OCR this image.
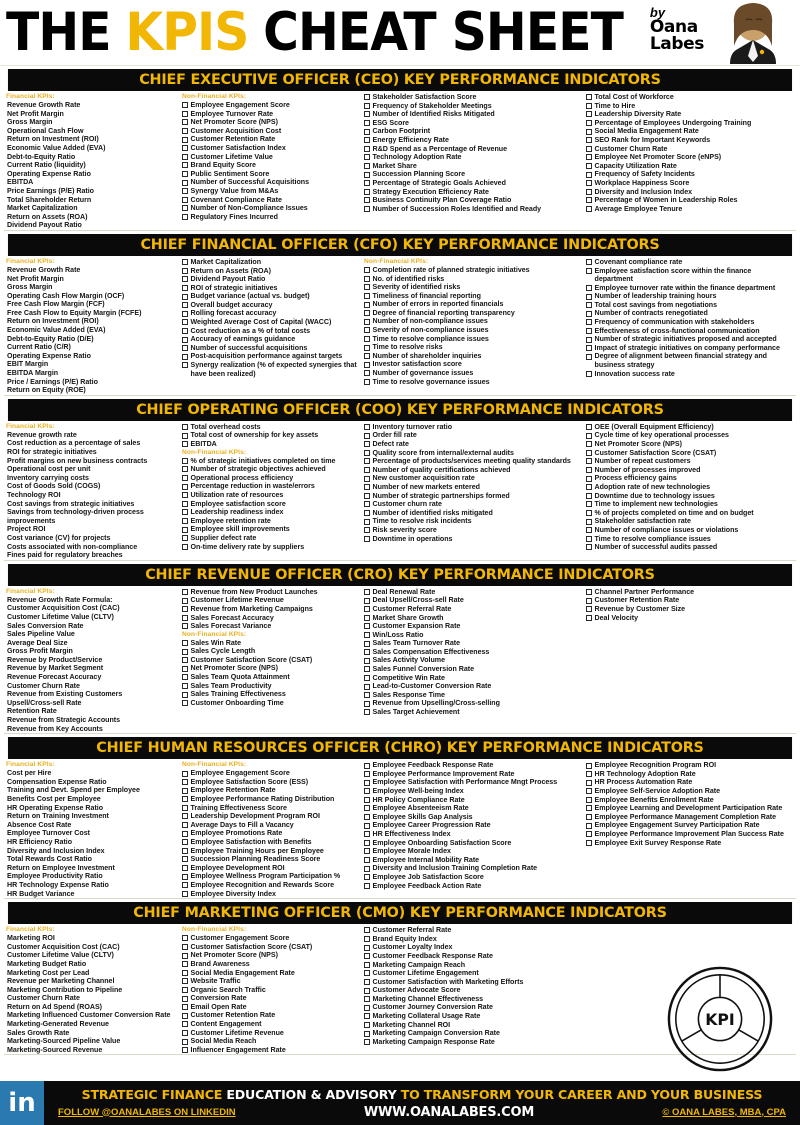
THE KPIS CHEAT SHEET by
Oana
Labes
CHIEF EXECUTIVE OFFICER (CEO) KEY PERFORMANCE INDICATORS
Financial KPIs:
Revenue Growth Rate
Net Profit Margin
Gross Margin
Operational Cash Flow
Return on Investment (ROI)
Economic Value Added (EVA)
Debt-to-Equity Ratio
Current Ratio (liquidity)
Operating Expense Ratio
EBITDA
Price Earnings (P/E) Ratio
Total Shareholder Return
Market Capitalization
Return on Assets (ROA)
Dividend Payout Ratio
Non-Financial KPIs:
Employee Engagement Score
Employee Turnover Rate
Net Promoter Score (NPS)
Customer Acquisition Cost
Customer Retention Rate
Customer Satisfaction Index
Customer Lifetime Value
Brand Equity Score
Public Sentiment Score
Number of Successful Acquisitions
Synergy Value from M&As
Covenant Compliance Rate
Number of Non-Compliance Issues
Regulatory Fines Incurred
Stakeholder Satisfaction Score
Frequency of Stakeholder Meetings
Number of Identified Risks Mitigated
ESG Score
Carbon Footprint
Energy Efficiency Rate
R&D Spend as a Percentage of Revenue
Technology Adoption Rate
Market Share
Succession Planning Score
Percentage of Strategic Goals Achieved
Strategy Execution Efficiency Rate
Business Continuity Plan Coverage Ratio
Number of Succession Roles Identified and Ready
Total Cost of Workforce
Time to Hire
Leadership Diversity Rate
Percentage of Employees Undergoing Training
Social Media Engagement Rate
SEO Rank for Important Keywords
Customer Churn Rate
Employee Net Promoter Score (eNPS)
Capacity Utilization Rate
Frequency of Safety Incidents
Workplace Happiness Score
Diversity and Inclusion Index
Percentage of Women in Leadership Roles
Average Employee Tenure
CHIEF FINANCIAL OFFICER (CFO) KEY PERFORMANCE INDICATORS
Financial KPIs:
Revenue Growth Rate
Net Profit Margin
Gross Margin
Operating Cash Flow Margin (OCF)
Free Cash Flow Margin (FCF)
Free Cash Flow to Equity Margin (FCFE)
Return on Investment (ROI)
Economic Value Added (EVA)
Debt-to-Equity Ratio (D/E)
Current Ratio (C/R)
Operating Expense Ratio
EBIT Margin
EBITDA Margin
Price / Earnings (P/E) Ratio
Return on Equity (ROE)
Market Capitalization
Return on Assets (ROA)
Dividend Payout Ratio
ROI of strategic initiatives
Budget variance (actual vs. budget)
Overall budget accuracy
Rolling forecast accuracy
Weighted Average Cost of Capital (WACC)
Cost reduction as a % of total costs
Accuracy of earnings guidance
Number of successful acquisitions
Post-acquisition performance against targets
Synergy realization (% of expected synergies that have been realized)
Non-Financial KPIs:
Completion rate of planned strategic initiatives
No. of identified risks
Severity of identified risks
Timeliness of financial reporting
Number of errors in reported financials
Degree of financial reporting transparency
Number of non-compliance issues
Severity of non-compliance issues
Time to resolve compliance issues
Time to resolve risks
Number of shareholder inquiries
Investor satisfaction score
Number of governance issues
Time to resolve governance issues
Covenant compliance rate
Employee satisfaction score within the finance department
Employee turnover rate within the finance department
Number of leadership training hours
Total cost savings from negotiations
Number of contracts renegotiated
Frequency of communication with stakeholders
Effectiveness of cross-functional communication
Number of strategic initiatives proposed and accepted
Impact of strategic initiatives on company performance
Degree of alignment between financial strategy and business strategy
Innovation success rate
CHIEF OPERATING OFFICER (COO) KEY PERFORMANCE INDICATORS
Financial KPIs:
Revenue growth rate
Cost reduction as a percentage of sales
ROI for strategic initiatives
Profit margins on new business contracts
Operational cost per unit
Inventory carrying costs
Cost of Goods Sold (COGS)
Technology ROI
Cost savings from strategic initiatives
Savings from technology-driven process improvements
Project ROI
Cost variance (CV) for projects
Costs associated with non-compliance
Fines paid for regulatory breaches
Total overhead costs
Total cost of ownership for key assets
EBITDA
Non-Financial KPIs:
% of strategic initiatives completed on time
Number of strategic objectives achieved
Operational process efficiency
Percentage reduction in waste/errors
Utilization rate of resources
Employee satisfaction score
Leadership readiness index
Employee retention rate
Employee skill improvements
Supplier defect rate
On-time delivery rate by suppliers
Inventory turnover ratio
Order fill rate
Defect rate
Quality score from internal/external audits
Percentage of products/services meeting quality standards
Number of quality certifications achieved
New customer acquisition rate
Number of new markets entered
Number of strategic partnerships formed
Customer churn rate
Number of identified risks mitigated
Time to resolve risk incidents
Risk severity score
Downtime in operations
OEE (Overall Equipment Efficiency)
Cycle time of key operational processes
Net Promoter Score (NPS)
Customer Satisfaction Score (CSAT)
Number of repeat customers
Number of processes improved
Process efficiency gains
Adoption rate of new technologies
Downtime due to technology issues
Time to implement new technologies
% of projects completed on time and on budget
Stakeholder satisfaction rate
Number of compliance issues or violations
Time to resolve compliance issues
Number of successful audits passed
CHIEF REVENUE OFFICER (CRO) KEY PERFORMANCE INDICATORS
Financial KPIs:
Revenue Growth Rate Formula:
Customer Acquisition Cost (CAC)
Customer Lifetime Value (CLTV)
Sales Conversion Rate
Sales Pipeline Value
Average Deal Size
Gross Profit Margin
Revenue by Product/Service
Revenue by Market Segment
Revenue Forecast Accuracy
Customer Churn Rate
Revenue from Existing Customers
Upsell/Cross-sell Rate
Retention Rate
Revenue from Strategic Accounts
Revenue from Key Accounts
Revenue from New Product Launches
Customer Lifetime Revenue
Revenue from Marketing Campaigns
Sales Forecast Accuracy
Sales Forecast Variance
Non-Financial KPIs:
Sales Win Rate
Sales Cycle Length
Customer Satisfaction Score (CSAT)
Net Promoter Score (NPS)
Sales Team Quota Attainment
Sales Team Productivity
Sales Training Effectiveness
Customer Onboarding Time
Deal Renewal Rate
Deal Upsell/Cross-sell Rate
Customer Referral Rate
Market Share Growth
Customer Expansion Rate
Win/Loss Ratio
Sales Team Turnover Rate
Sales Compensation Effectiveness
Sales Activity Volume
Sales Funnel Conversion Rate
Competitive Win Rate
Lead-to-Customer Conversion Rate
Sales Response Time
Revenue from Upselling/Cross-selling
Sales Target Achievement
Channel Partner Performance
Customer Retention Rate
Revenue by Customer Size
Deal Velocity
CHIEF HUMAN RESOURCES OFFICER (CHRO) KEY PERFORMANCE INDICATORS
Financial KPIs:
Cost per Hire
Compensation Expense Ratio
Training and Devt. Spend per Employee
Benefits Cost per Employee
HR Operating Expense Ratio
Return on Training Investment
Absence Cost Rate
Employee Turnover Cost
HR Efficiency Ratio
Diversity and Inclusion Index
Total Rewards Cost Ratio
Return on Employee Investment
Employee Productivity Ratio
HR Technology Expense Ratio
HR Budget Variance
Non-Financial KPIs:
Employee Engagement Score
Employee Satisfaction Score (ESS)
Employee Retention Rate
Employee Performance Rating Distribution
Training Effectiveness Score
Leadership Development Program ROI
Average Days to Fill a Vacancy
Employee Promotions Rate
Employee Satisfaction with Benefits
Employee Training Hours per Employee
Succession Planning Readiness Score
Employee Development ROI
Employee Wellness Program Participation %
Employee Recognition and Rewards Score
Employee Diversity Index
Employee Feedback Response Rate
Employee Performance Improvement Rate
Employee Satisfaction with Performance Mngt Process
Employee Well-being Index
HR Policy Compliance Rate
Employee Absenteeism Rate
Employee Skills Gap Analysis
Employee Career Progression Rate
HR Effectiveness Index
Employee Onboarding Satisfaction Score
Employee Morale Index
Employee Internal Mobility Rate
Diversity and Inclusion Training Completion Rate
Employee Job Satisfaction Score
Employee Feedback Action Rate
Employee Recognition Program ROI
HR Technology Adoption Rate
HR Process Automation Rate
Employee Self-Service Adoption Rate
Employee Benefits Enrollment Rate
Employee Learning and Development Participation Rate
Employee Performance Management Completion Rate
Employee Engagement Survey Participation Rate
Employee Performance Improvement Plan Success Rate
Employee Exit Survey Response Rate
CHIEF MARKETING OFFICER (CMO) KEY PERFORMANCE INDICATORS
Financial KPIs:
Marketing ROI
Customer Acquisition Cost (CAC)
Customer Lifetime Value (CLTV)
Marketing Budget Ratio
Marketing Cost per Lead
Revenue per Marketing Channel
Marketing Contribution to Pipeline
Customer Churn Rate
Return on Ad Spend (ROAS)
Marketing Influenced Customer Conversion Rate
Marketing-Generated Revenue
Sales Growth Rate
Marketing-Sourced Pipeline Value
Marketing-Sourced Revenue
Non-Financial KPIs:
Customer Engagement Score
Customer Satisfaction Score (CSAT)
Net Promoter Score (NPS)
Brand Awareness
Social Media Engagement Rate
Website Traffic
Organic Search Traffic
Conversion Rate
Email Open Rate
Customer Retention Rate
Content Engagement
Customer Lifetime Revenue
Social Media Reach
Influencer Engagement Rate
Customer Referral Rate
Brand Equity Index
Customer Loyalty Index
Customer Feedback Response Rate
Marketing Campaign Reach
Customer Lifetime Engagement
Customer Satisfaction with Marketing Efforts
Customer Advocate Score
Marketing Channel Effectiveness
Customer Journey Conversion Rate
Marketing Collateral Usage Rate
Marketing Channel ROI
Marketing Campaign Conversion Rate
Marketing Campaign Response Rate
KPI
in	STRATEGIC FINANCE EDUCATION & ADVISORY TO TRANSFORM YOUR CAREER AND YOUR BUSINESS
FOLLOW @OANALABES ON LINKEDIN	WWW.OANALABES.COM	© OANA LABES, MBA, CPA
